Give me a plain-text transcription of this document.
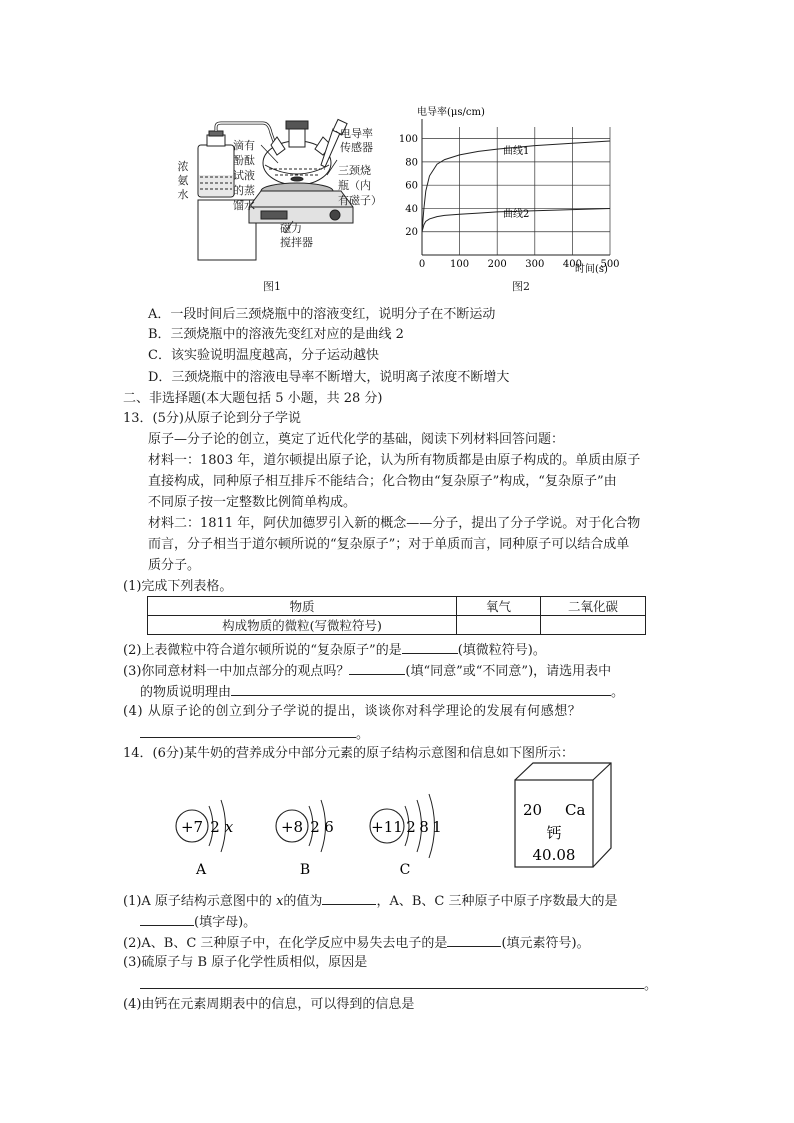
浓
氨
水
滴有
酚酞
试液
的蒸
馏水
电导率
传感器
三颈烧
瓶（内
有磁子）
磁力
搅拌器
图1
电导率(μs/cm)
时间(s)
20
40
60
80
100
0 100 200 300 400 500
曲线1
曲线2
图2
A．一段时间后三颈烧瓶中的溶液变红，说明分子在不断运动
B．三颈烧瓶中的溶液先变红对应的是曲线 2
C．该实验说明温度越高，分子运动越快
D．三颈烧瓶中的溶液电导率不断增大，说明离子浓度不断增大
二、非选择题(本大题包括 5 小题，共 28 分)
13．(5分)从原子论到分子学说
原子—分子论的创立，奠定了近代化学的基础，阅读下列材料回答问题：
材料一：1803 年，道尔顿提出原子论，认为所有物质都是由原子构成的。单质由原子
直接构成，同种原子相互排斥不能结合；化合物由“复杂原子”构成，“复杂原子”由
不同原子按一定整数比例简单构成。
材料二：1811 年，阿伏加德罗引入新的概念——分子，提出了分子学说。对于化合物
而言，分子相当于道尔顿所说的“复杂原子”；对于单质而言，同种原子可以结合成单
质分子。
(1)完成下列表格。
物质	氧气	二氧化碳
构成物质的微粒(写微粒符号)		
(2)上表微粒中符合道尔顿所说的“复杂原子”的是	(填微粒符号)。
(3)你同意材料一中加点部分的观点吗？	(填“同意”或“不同意”)，请选用表中
的物质说明理由	。
(4) 从原子论的创立到分子学说的提出，谈谈你对科学理论的发展有何感想？
。
14．(6分)某牛奶的营养成分中部分元素的原子结构示意图和信息如下图所示：
+7 2 x
A
+8 2 6
B
+11 2 8 1
C
20 Ca
钙
40.08
(1)A 原子结构示意图中的 x的值为	，A、B、C 三种原子中原子序数最大的是
(填字母)。
(2)A、B、C 三种原子中，在化学反应中易失去电子的是	(填元素符号)。
(3)硫原子与 B 原子化学性质相似，原因是
。
(4)由钙在元素周期表中的信息，可以得到的信息是
